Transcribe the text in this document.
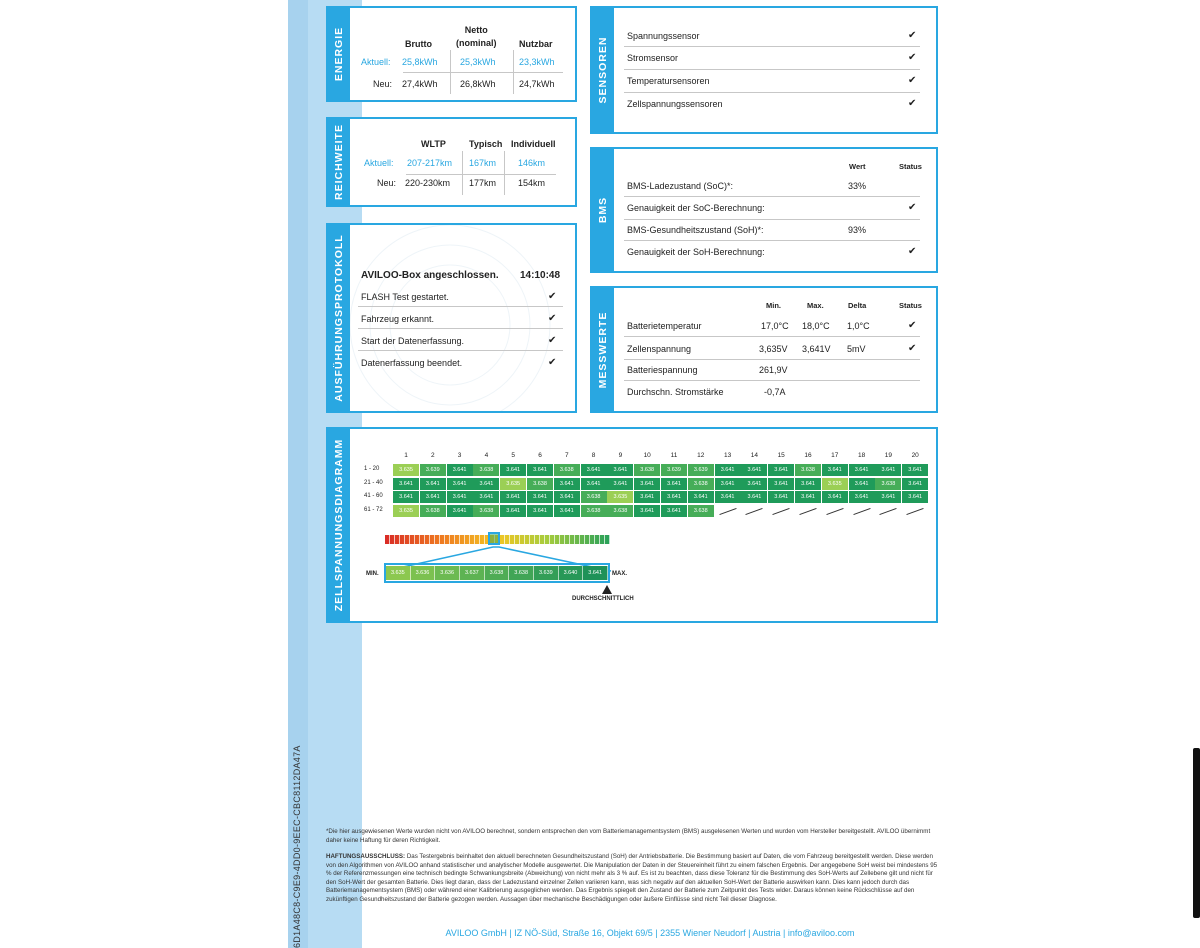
6D1A48C8-C9E9-4DD0-9EEC-CBC8112DA47A
ENERGIE	Brutto
Netto
(nominal)	Nutzbar
Aktuell: 25,8kWh 25,3kWh	23,3kWh
Neu: 27,4kWh 26,8kWh	24,7kWh
REICHWEITE	WLTP	Typisch Individuell
Aktuell: 207-217km 167km 146km
Neu: 220-230km 177km 154km
AUSFÜHRUNGSPROTOKOLL AVILOO-Box angeschlossen. 14:10:48
FLASH Test gestartet.	✔
Fahrzeug erkannt.	✔
Start der Datenerfassung.	✔
Datenerfassung beendet.	✔
SENSOREN
Spannungssensor	✔
Stromsensor	✔
Temperatursensoren	✔
Zellspannungssensoren	✔
BMS
Wert	Status
BMS-Ladezustand (SoC)*:	33%
Genauigkeit der SoC-Berechnung:	✔
BMS-Gesundheitszustand (SoH)*:	93%
Genauigkeit der SoH-Berechnung:	✔
MESSWERTE
Min.	Max.	Delta	Status
Batterietemperatur	17,0°C 18,0°C 1,0°C	✔
Zellenspannung	3,635V 3,641V 5mV	✔
Batteriespannung	261,9V
Durchschn. Stromstärke	-0,7A
ZELLSPANNUNGSDIAGRAMM	1	2	3	4	5	6	7	8	9	10	11	12	13	14	15	16	17	18	19	20
1 - 20	3.635	3.639	3.641	3.638	3.641	3.641	3.638	3.641	3.641	3.638	3.639	3.639	3.641	3.641	3.641	3.638	3.641	3.641	3.641	3.641
21 - 40	3.641	3.641	3.641	3.641	3.635	3.638	3.641	3.641	3.641	3.641	3.641	3.638	3.641	3.641	3.641	3.641	3.635	3.641	3.638	3.641
41 - 60	3.641	3.641	3.641	3.641	3.641	3.641	3.641	3.638	3.635	3.641	3.641	3.641	3.641	3.641	3.641	3.641	3.641	3.641	3.641	3.641
61 - 72	3.635	3.638	3.641	3.638	3.641	3.641	3.641	3.638	3.638	3.641	3.641	3.638
MIN.	MAX.
3.635	3.636	3.636	3.637	3.638	3.638	3.639	3.640	3.641
DURCHSCHNITTLICH
*Die hier ausgewiesenen Werte wurden nicht von AVILOO berechnet, sondern entsprechen den vom Batteriemanagementsystem (BMS) ausgelesenen Werten und wurden vom Hersteller bereitgestellt. AVILOO übernimmt daher keine Haftung für deren Richtigkeit.
HAFTUNGSAUSSCHLUSS: Das Testergebnis beinhaltet den aktuell berechneten Gesundheitszustand (SoH) der Antriebsbatterie. Die Bestimmung basiert auf Daten, die vom Fahrzeug bereitgestellt werden. Diese werden von den Algorithmen von AVILOO anhand statistischer und analytischer Modelle ausgewertet. Die Manipulation der Daten in der Steuereinheit führt zu einem falschen Ergebnis. Der angegebene SoH weist bei mindestens 95 % der Referenzmessungen eine technisch bedingte Schwankungsbreite (Abweichung) von nicht mehr als 3 % auf. Es ist zu beachten, dass diese Toleranz für die Bestimmung des SoH-Werts auf Zellebene gilt und nicht für den SoH-Wert der gesamten Batterie. Dies liegt daran, dass der Ladezustand einzelner Zellen variieren kann, was sich negativ auf den aktuellen SoH-Wert der Batterie auswirken kann. Dies kann jedoch durch das Batteriemanagementsystem (BMS) oder während einer Kalibrierung ausgeglichen werden. Das Ergebnis spiegelt den Zustand der Batterie zum Zeitpunkt des Tests wider. Daraus können keine Rückschlüsse auf den zukünftigen Gesundheitszustand der Batterie gezogen werden. Aussagen über mechanische Beschädigungen oder äußere Einflüsse sind nicht Teil dieser Diagnose.
AVILOO GmbH | IZ NÖ-Süd, Straße 16, Objekt 69/5 | 2355 Wiener Neudorf | Austria | info@aviloo.com
